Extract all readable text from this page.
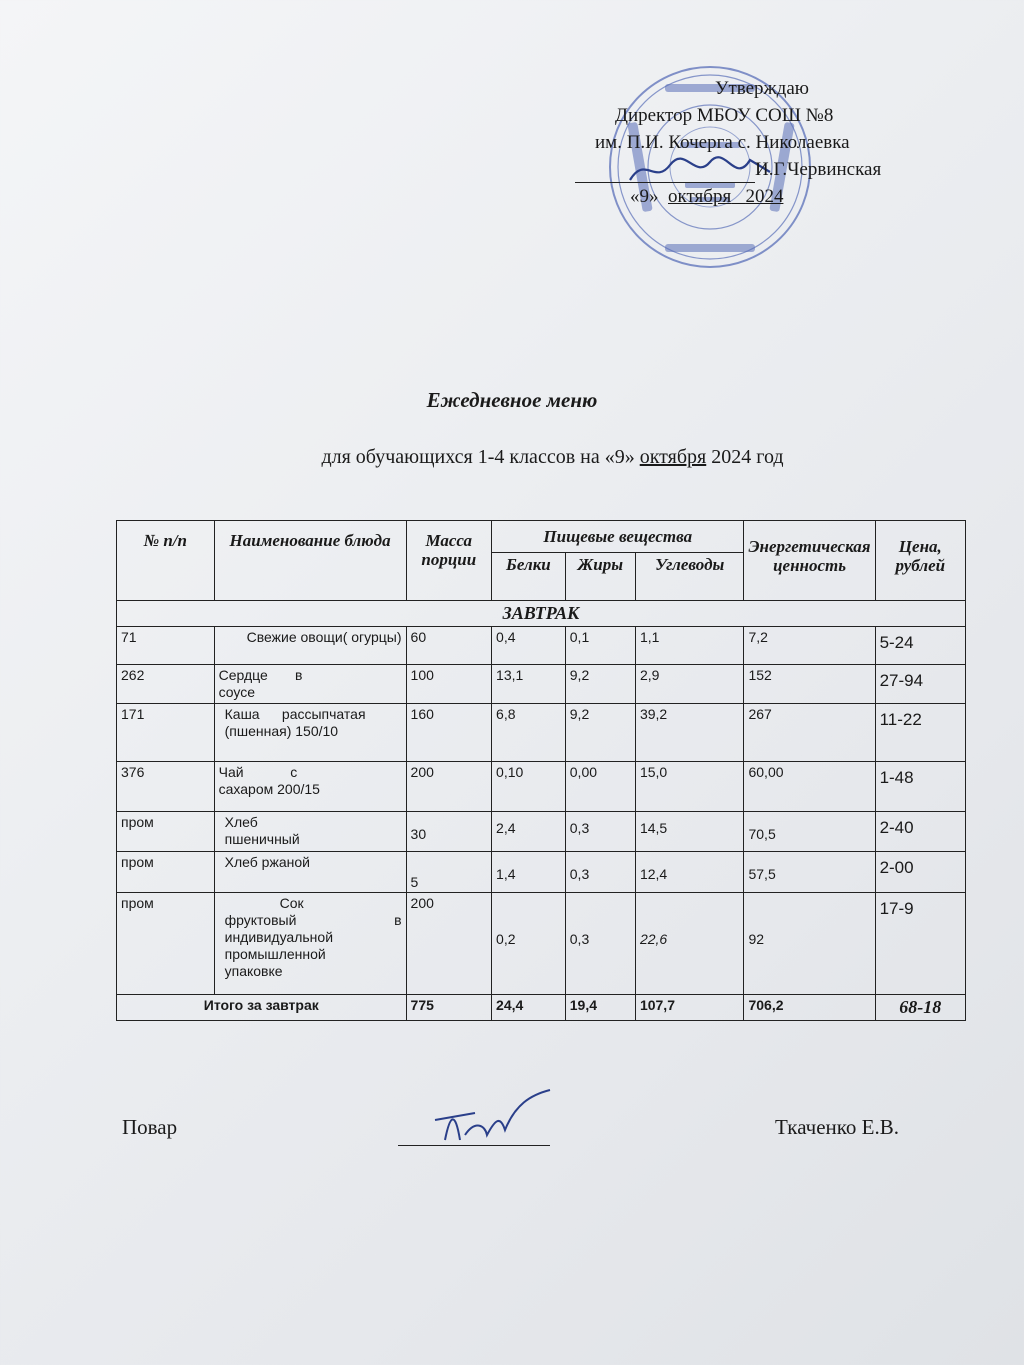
Утверждаю
Директор МБОУ СОШ №8
им. П.И. Кочерга с. Николаевка
И.Г.Червинская
«9» октября 2024
Ежедневное меню
для обучающихся 1-4 классов на «9» октября 2024 год
№ п/п	Наименование блюда	Масса порции	Пищевые вещества			Энергетическая ценность	Цена, рублей
			Белки	Жиры	Углеводы		
ЗАВТРАК							
71	Свежие овощи( огурцы)	60	0,4	0,1	1,1	7,2	5-24
262	Сердце       в
соусе	100	13,1	9,2	2,9	152	27-94
171	Каша рассыпчатая (пшенная) 150/10	160	6,8	9,2	39,2	267	11-22
376	Чай            с
сахаром 200/15	200	0,10	0,00	15,0	60,00	1-48
пром	Хлеб пшеничный	30	2,4	0,3	14,5	70,5	2-40
пром	Хлеб ржаной	5	1,4	0,3	12,4	57,5	2-00
пром	Сок
фруктовый              в
индивидуальной
промышленной
упаковке	200	0,2	0,3	22,6	92	17-9
Итого за завтрак		775	24,4	19,4	107,7	706,2	68-18
Повар	Ткаченко Е.В.
